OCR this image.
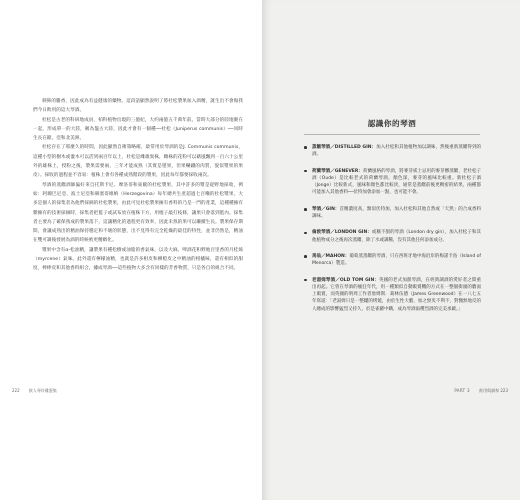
刺鼻的麝香，因此成為有益健康的藥物。這段話顯然說明了將杜松漿果加入酒精，誕生出不會傷我們今日飲用的這大琴酒。

杜松是古老的科研地成員，柏科植物出現的三億紀，大約兩億五千萬年前。當時大部分的陸地聚在一起，形成單一的大陸，稱為盤古大陸，因此才會有一個種──杜松（Juniperus communis）──同時生長在歐、亞和北美洲。

杜松存在了那麼久的時間，因此顯然自衛策略確，最常用於琴酒的是J. Communis communis，這種小型的樹木或灌木可以活到兩百年以上，杜松是雌雄異株，雌株的花粉可以藉風飄到一百六十公里外的雄株上，授粉之後，漿果需要兩、三年才能成熟（其實是毬果，但果嚇鐵的肉質，貌似漿果的果皮）。採收的過程並不容易：植株上會有各種成熟階段的漿果，因此每年都要採收兩次。

琴酒的蒸餾酒師偏好來自托斯卡尼、摩洛哥和東歐的杜松漿果，其中許多的漿是從野地採收，例如：阿爾巴尼亞、波士尼亞和赫塞哥維納（Herzegovina）每年總共生產超過七百噸的杜松漿果，大多是個人的採集者為他們採摘的杜松漿果，由此可見杜松漿果擁有香料的乃是一門的產業，這種種擁有雜擁有的技術採摘時，採集者把籃子或試布放在植株下方，用棍子敲打枝條，讓果只會落到籃內。採集者主要為了確保熟成的漿果落下，這讓精化的過程更有效率，因此未熟的果可以繼續生長。漿果保存期間，會讓成熟出的精油保持穩定和不壞的狀態，出不見得有完全乾燥的最佳的特性，並非仍然是，精油在雙可調後發展為酒的時候被更精緻化。

漿果中含有α-松油精，讓漿果有種松樹或油脂的香氣味，以及大麻、啤酒花和野地百里香的月桂烯（myrcene）氣味。此外還有檸檬油精，也就是許多柑皮和柳橙皮之中精油的柑橘味，還有相似的甜度，棒棒皮和其他香料組合，據成琴酒──這些植物大多含有同樣的芳香物質，只是各自的組合不同。

222 飲人琴炸雞蛋集
認識你的琴酒
蒸餾琴酒／DISTILLED GIN：加入杜松和其他植物加以調味，然後重新蒸餾得到的酒。
荷蘭琴酒／GENEVER：荷蘭風格的琴酒，將麥芽威士忌用的麥芽醪蒸餾，老杜松子酒（Oude）是比較老式的荷蘭琴酒，顏色深，麥芽的風味比較重。新杜松子酒（Jonge）比較新式，風味和顏色都比較淡，通常是蒸餾前後更稠密的結果，兩種都可能加入其他香料──伏特加會添加一點，也可能不會。
琴酒／GIN：首精濃度高，類似伏特加，加入杜松和其他自然或「天然」的合成香料調味。
倫敦琴酒／LONDON GIN：或稱不甜的琴酒（London dry gin），加入杜松子和其他植物成分之後再次蒸餾，除了水或調稀，沒有其他任何添加成分。
馬翁／MAHON：葡萄蒸蒸餾的琴酒，只在西班牙地中海沿岸的梅諾卡島（Island of Menorca）製造。
老湯姆琴酒／OLD TOM GIN：英國的老式加甜琴酒，在經典調酒的愛好者之間重出再起。它曾在琴酒的瘋狂年代，用一種類似自動販賣機的方式在一整個街頭的牆面上販賣，而英國的明周工作者詹姆斯．葛林伍德（James Greenwood）在一八七五年寫道：「老湯姆只是一整罐的烤燒，由於生性大膽，加之無災不利不，對醫無地反的人總成的影響猛烈又持久，於是雀躍中購，成為琴酒溢穫烈酒的完美承載。」
PART 3 飲用與調和 223
